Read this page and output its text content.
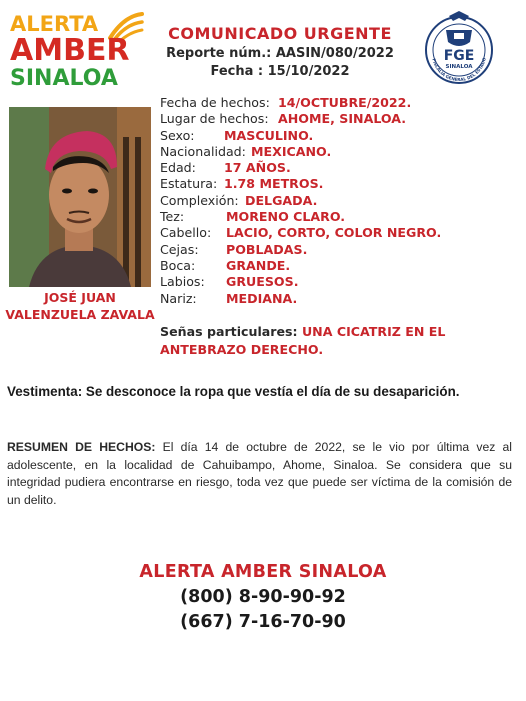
ALERTA
AMBER
SINALOA
COMUNICADO URGENTE
Reporte núm.: AASIN/080/2022
Fecha : 15/10/2022
FGE
SINALOA
FISCALÍA GENERAL DEL ESTADO
JOSÉ JUAN
VALENZUELA ZAVALA
Fecha de hechos: 14/OCTUBRE/2022.
Lugar de hechos: AHOME, SINALOA.
Sexo: MASCULINO.
Nacionalidad: MEXICANO.
Edad: 17 AÑOS.
Estatura: 1.78 METROS.
Complexión: DELGADA.
Tez:	MORENO CLARO.
Cabello: LACIO, CORTO, COLOR NEGRO.
Cejas: POBLADAS.
Boca: GRANDE.
Labios: GRUESOS.
Nariz: MEDIANA.
Señas particulares: UNA CICATRIZ EN EL ANTEBRAZO DERECHO.
Vestimenta: Se desconoce la ropa que vestía el día de su desaparición.
RESUMEN DE HECHOS: El día 14 de octubre de 2022, se le vio por última vez al adolescente, en la localidad de Cahuibampo, Ahome, Sinaloa. Se considera que su integridad pudiera encontrarse en riesgo, toda vez que puede ser víctima de la comisión de un delito.
ALERTA AMBER SINALOA
(800) 8-90-90-92
(667) 7-16-70-90
